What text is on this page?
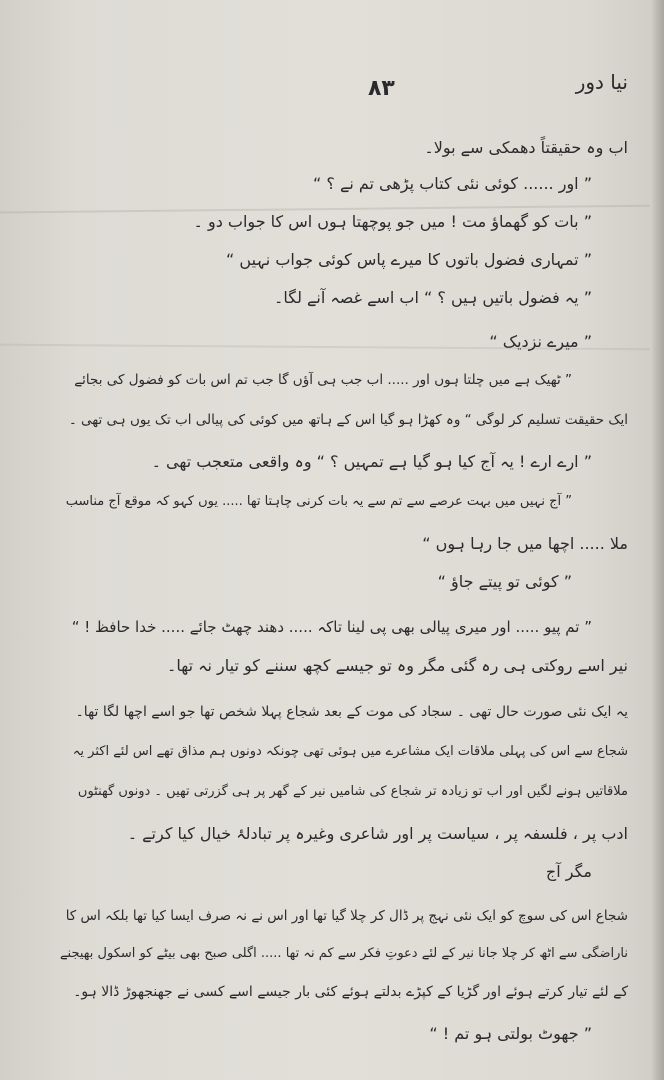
نیا دور
۸۳
اب وہ حقیقتاً دھمکی سے بولا۔
” اور ...... کوئی نئی کتاب پڑھی تم نے ؟ “
” بات کو گھماؤ مت ! میں جو پوچھتا ہوں اس کا جواب دو ۔
” تمہاری فضول باتوں کا میرے پاس کوئی جواب نہیں “
” یہ فضول باتیں ہیں ؟ “ اب اسے غصہ آنے لگا۔
” میرے نزدیک “
” ٹھیک ہے میں چلتا ہوں اور ..... اب جب ہی آؤں گا جب تم اس بات کو فضول کی بجائے
ایک حقیقت تسلیم کر لوگی “ وہ کھڑا ہو گیا اس کے ہاتھ میں کوئی کی پیالی اب تک یوں ہی تھی ۔
” ارے ارے ! یہ آج کیا ہو گیا ہے تمہیں ؟ “ وہ واقعی متعجب تھی ۔
” آج نہیں میں بہت عرصے سے تم سے یہ بات کرنی چاہتا تھا ..... یوں کہو کہ موقع آج مناسب
ملا ..... اچھا میں جا رہا ہوں “
” کوئی تو پیتے جاؤ “
” تم پیو ..... اور میری پیالی بھی پی لینا تاکہ ..... دھند چھٹ جائے ..... خدا حافظ ! “
نیر اسے روکتی ہی رہ گئی مگر وہ تو جیسے کچھ سننے کو تیار نہ تھا۔
یہ ایک نئی صورت حال تھی ۔ سجاد کی موت کے بعد شجاع پہلا شخص تھا جو اسے اچھا لگا تھا۔
شجاع سے اس کی پہلی ملاقات ایک مشاعرے میں ہوئی تھی چونکہ دونوں ہم مذاق تھے اس لئے اکثر یہ
ملاقاتیں ہونے لگیں اور اب تو زیادہ تر شجاع کی شامیں نیر کے گھر پر ہی گزرتی تھیں ۔ دونوں گھنٹوں
ادب پر ، فلسفہ پر ، سیاست پر اور شاعری وغیرہ پر تبادلۂ خیال کیا کرتے ۔
مگر آج
شجاع اس کی سوچ کو ایک نئی نہج پر ڈال کر چلا گیا تھا اور اس نے نہ صرف ایسا کیا تھا بلکہ اس کا
ناراضگی سے اٹھ کر چلا جانا نیر کے لئے دعوتِ فکر سے کم نہ تھا ..... اگلی صبح بھی بیٹے کو اسکول بھیجنے
کے لئے تیار کرتے ہوئے اور گڑیا کے کپڑے بدلتے ہوئے کئی بار جیسے اسے کسی نے جھنجھوڑ ڈالا ہو۔
” جھوٹ بولتی ہو تم ! “
